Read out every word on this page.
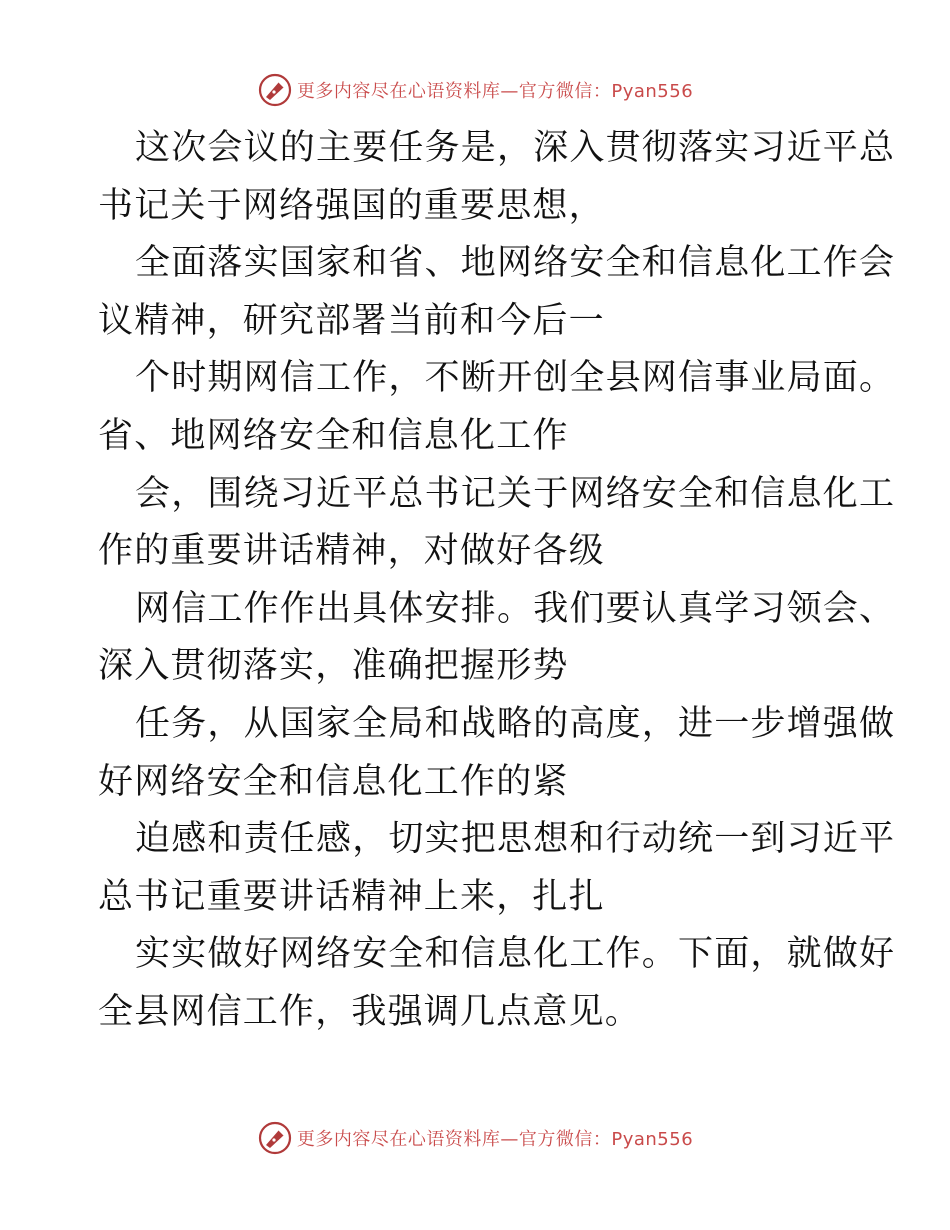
更多内容尽在心语资料库—官方微信：Pyan556
这次会议的主要任务是，深入贯彻落实习近平总
书记关于网络强国的重要思想，
全面落实国家和省、地网络安全和信息化工作会
议精神，研究部署当前和今后一
个时期网信工作，不断开创全县网信事业局面。
省、地网络安全和信息化工作
会，围绕习近平总书记关于网络安全和信息化工
作的重要讲话精神，对做好各级
网信工作作出具体安排。我们要认真学习领会、
深入贯彻落实，准确把握形势
任务，从国家全局和战略的高度，进一步增强做
好网络安全和信息化工作的紧
迫感和责任感，切实把思想和行动统一到习近平
总书记重要讲话精神上来，扎扎
实实做好网络安全和信息化工作。下面，就做好
全县网信工作，我强调几点意见。
更多内容尽在心语资料库—官方微信：Pyan556
